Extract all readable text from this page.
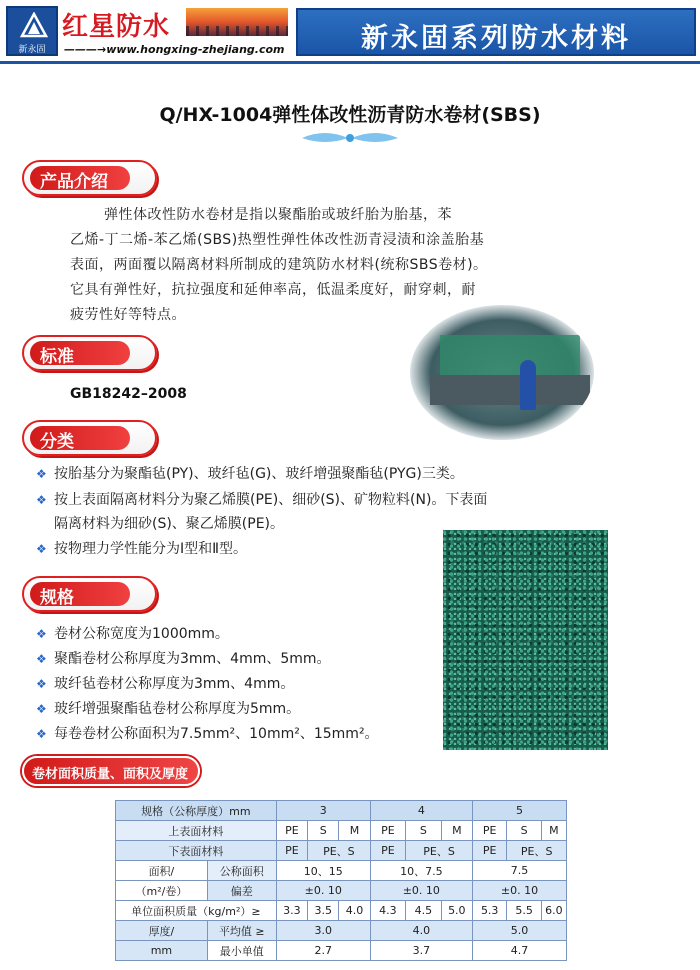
新永固
红星防水
———→www.hongxing-zhejiang.com	新永固系列防水材料
Q/HX-1004弹性体改性沥青防水卷材(SBS)
产品介绍
弹性体改性防水卷材是指以聚酯胎或玻纤胎为胎基，苯
乙烯-丁二烯-苯乙烯(SBS)热塑性弹性体改性沥青浸渍和涂盖胎基
表面，两面覆以隔离材料所制成的建筑防水材料(统称SBS卷材)。
它具有弹性好，抗拉强度和延伸率高，低温柔度好，耐穿刺，耐
疲劳性好等特点。
标准
GB18242–2008
分类
❖ 按胎基分为聚酯毡(PY)、玻纤毡(G)、玻纤增强聚酯毡(PYG)三类。
❖ 按上表面隔离材料分为聚乙烯膜(PE)、细砂(S)、矿物粒料(N)。下表面
隔离材料为细砂(S)、聚乙烯膜(PE)。
❖ 按物理力学性能分为Ⅰ型和Ⅱ型。
规格
❖ 卷材公称宽度为1000mm。
❖ 聚酯卷材公称厚度为3mm、4mm、5mm。
❖ 玻纤毡卷材公称厚度为3mm、4mm。
❖ 玻纤增强聚酯毡卷材公称厚度为5mm。
❖ 每卷卷材公称面积为7.5mm²、10mm²、15mm²。
卷材面积质量、面积及厚度
规格（公称厚度）mm		3			4			5		
上表面材料		PE	S	M	PE	S	M	PE	S	M
下表面材料		PE	PE、S		PE	PE、S		PE	PE、S	
面积/	公称面积	10、15			10、7.5			7.5		
（m²/卷）	偏差	±0. 10			±0. 10			±0. 10		
单位面积质量（kg/m²）≥		3.3	3.5	4.0	4.3	4.5	5.0	5.3	5.5	6.0
厚度/	平均值 ≥	3.0			4.0			5.0		
mm	最小单值	2.7			3.7			4.7		
